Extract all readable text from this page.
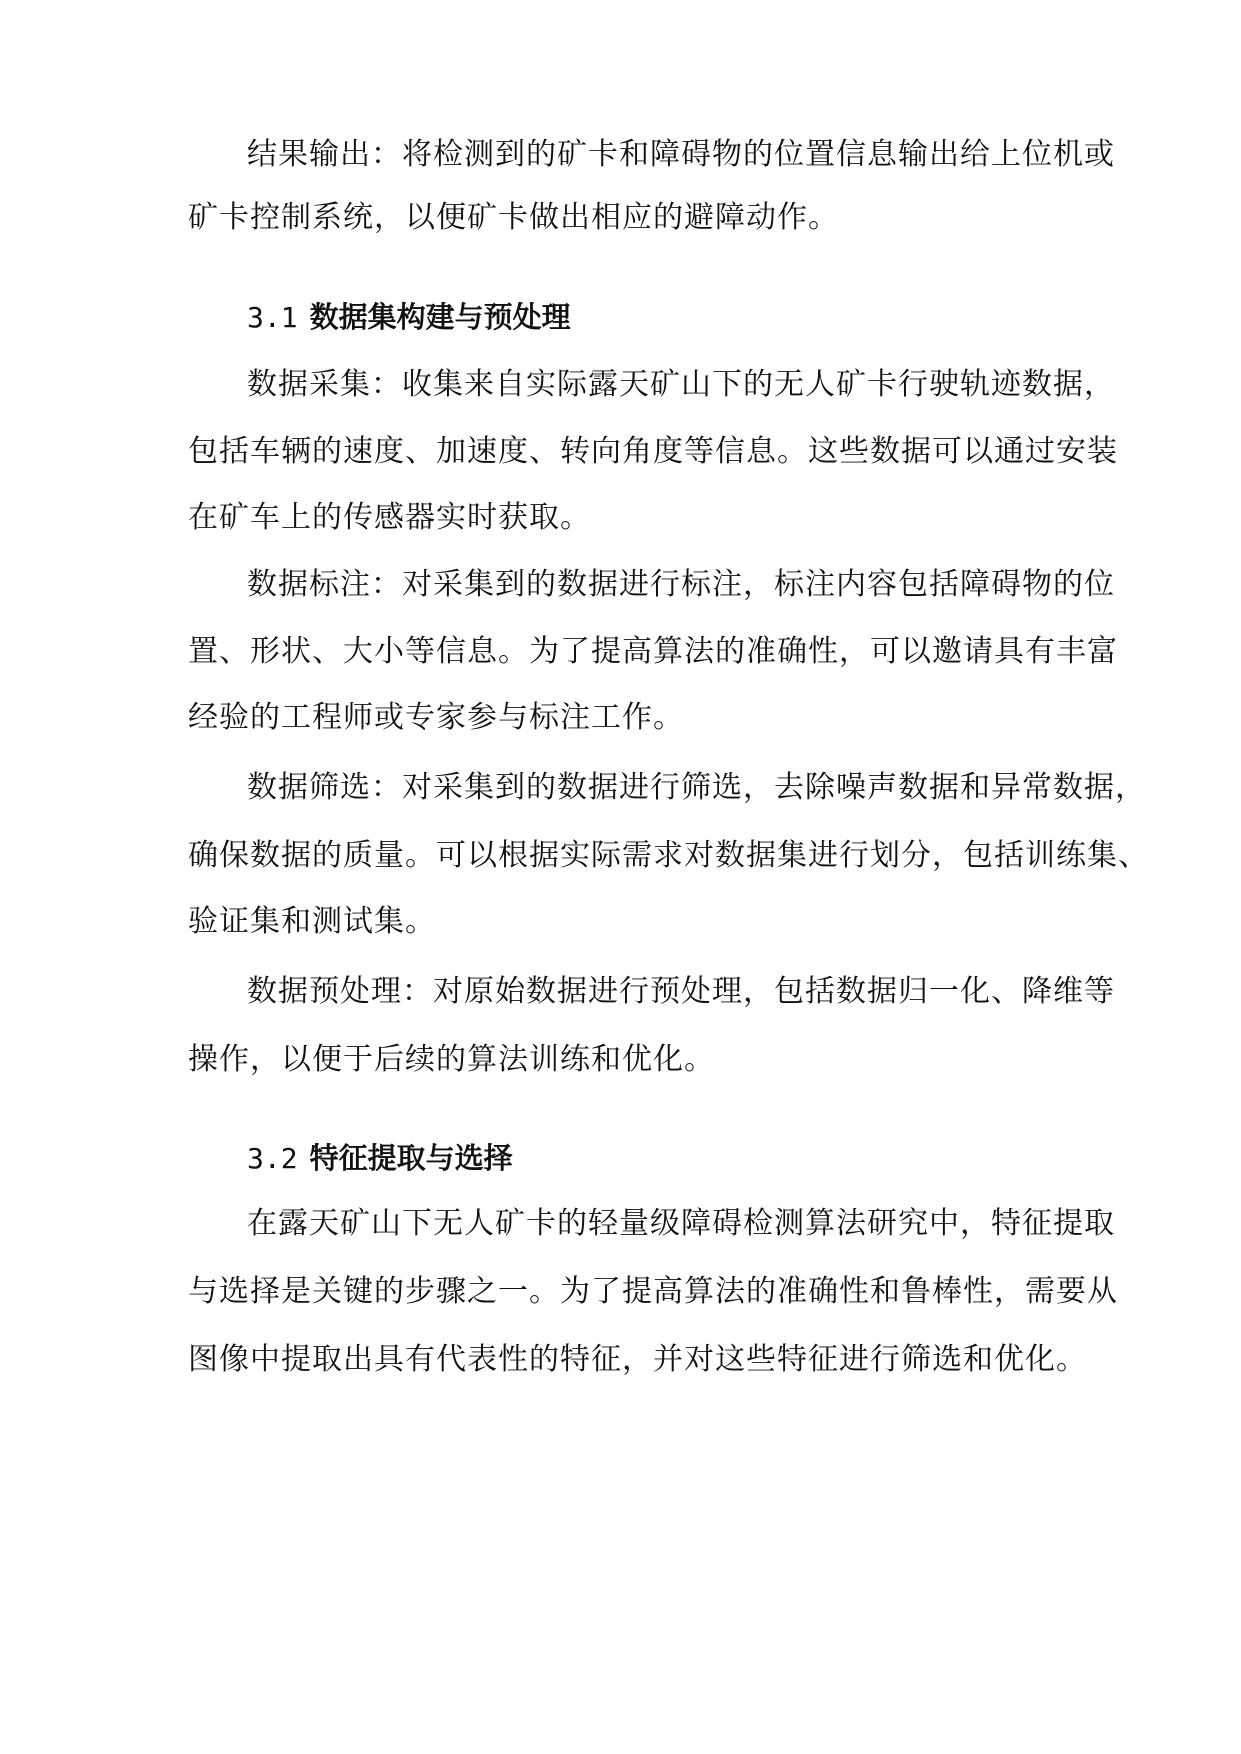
结果输出：将检测到的矿卡和障碍物的位置信息输出给上位机或
矿卡控制系统，以便矿卡做出相应的避障动作。
3.1 数据集构建与预处理
数据采集：收集来自实际露天矿山下的无人矿卡行驶轨迹数据，
包括车辆的速度、加速度、转向角度等信息。这些数据可以通过安装
在矿车上的传感器实时获取。
数据标注：对采集到的数据进行标注，标注内容包括障碍物的位
置、形状、大小等信息。为了提高算法的准确性，可以邀请具有丰富
经验的工程师或专家参与标注工作。
数据筛选：对采集到的数据进行筛选，去除噪声数据和异常数据，
确保数据的质量。可以根据实际需求对数据集进行划分，包括训练集、
验证集和测试集。
数据预处理：对原始数据进行预处理，包括数据归一化、降维等
操作，以便于后续的算法训练和优化。
3.2 特征提取与选择
在露天矿山下无人矿卡的轻量级障碍检测算法研究中，特征提取
与选择是关键的步骤之一。为了提高算法的准确性和鲁棒性，需要从
图像中提取出具有代表性的特征，并对这些特征进行筛选和优化。
